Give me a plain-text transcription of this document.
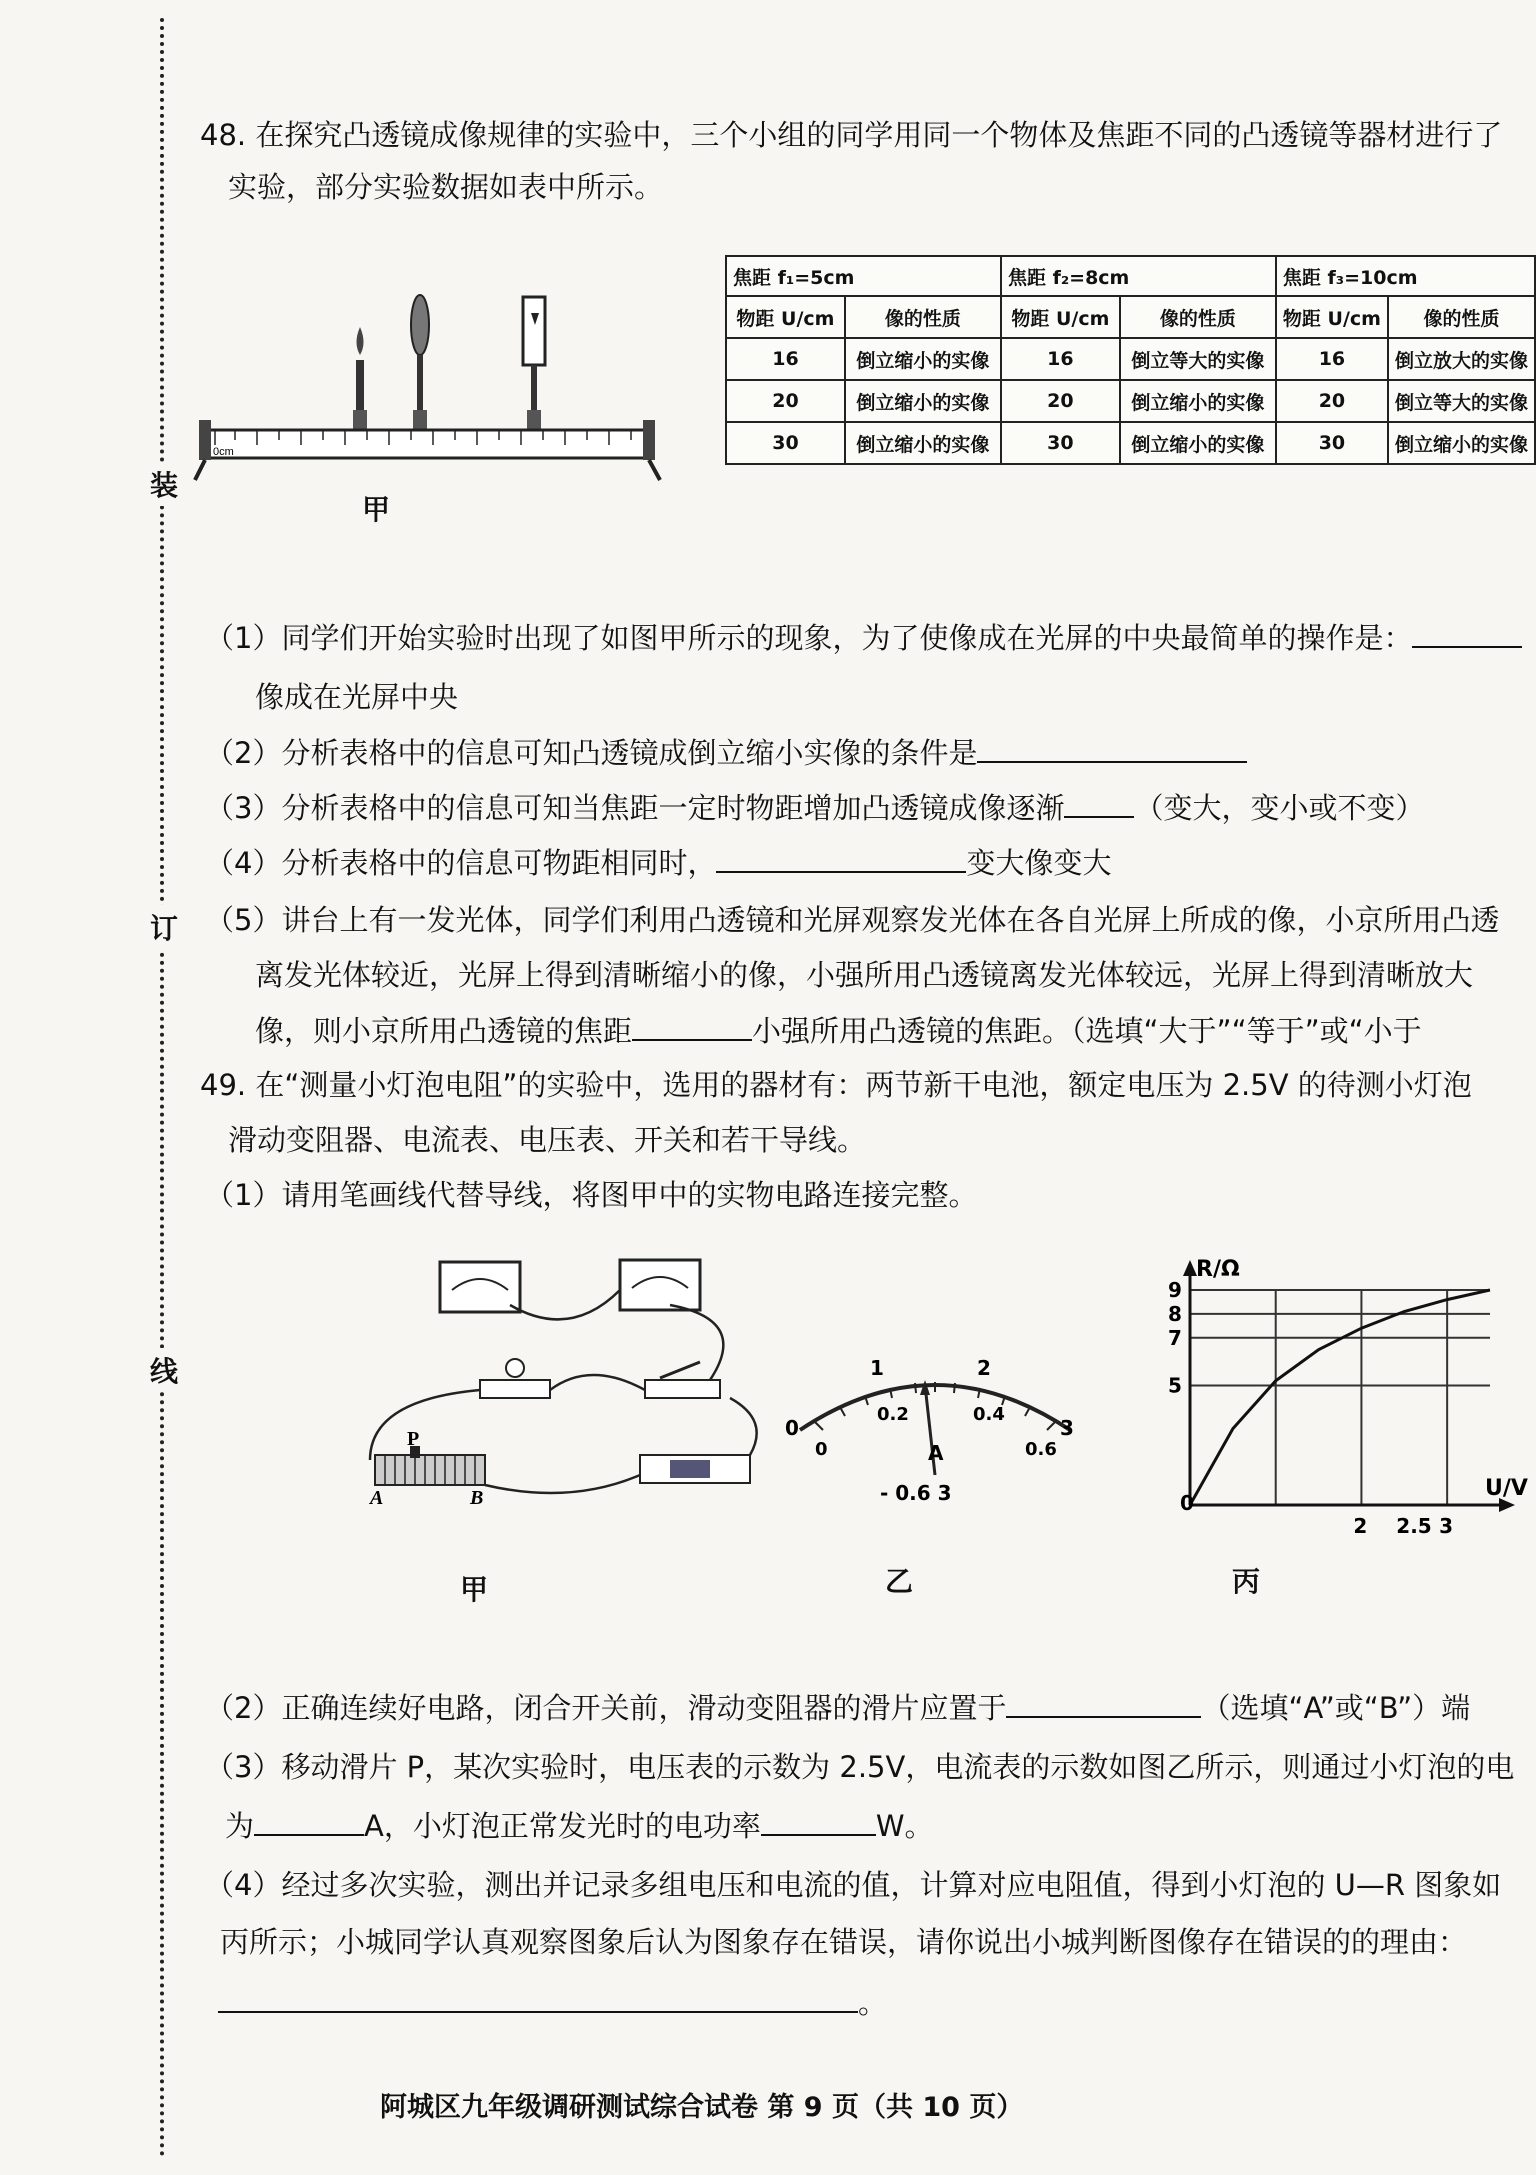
装
订
线
48. 在探究凸透镜成像规律的实验中，三个小组的同学用同一个物体及焦距不同的凸透镜等器材进行了
实验，部分实验数据如表中所示。
0cm
甲
焦距 f₁=5cm		焦距 f₂=8cm		焦距 f₃=10cm	
物距 U/cm	像的性质	物距 U/cm	像的性质	物距 U/cm	像的性质
16	倒立缩小的实像	16	倒立等大的实像	16	倒立放大的实像
20	倒立缩小的实像	20	倒立缩小的实像	20	倒立等大的实像
30	倒立缩小的实像	30	倒立缩小的实像	30	倒立缩小的实像
（1）同学们开始实验时出现了如图甲所示的现象，为了使像成在光屏的中央最简单的操作是：
像成在光屏中央
（2）分析表格中的信息可知凸透镜成倒立缩小实像的条件是
（3）分析表格中的信息可知当焦距一定时物距增加凸透镜成像逐渐 （变大，变小或不变）
（4）分析表格中的信息可物距相同时，	变大像变大
（5）讲台上有一发光体，同学们利用凸透镜和光屏观察发光体在各自光屏上所成的像，小京所用凸透
离发光体较近，光屏上得到清晰缩小的像，小强所用凸透镜离发光体较远，光屏上得到清晰放大
像，则小京所用凸透镜的焦距	小强所用凸透镜的焦距。（选填“大于”“等于”或“小于
49. 在“测量小灯泡电阻”的实验中，选用的器材有：两节新干电池，额定电压为 2.5V 的待测小灯泡
滑动变阻器、电流表、电压表、开关和若干导线。
（1）请用笔画线代替导线，将图甲中的实物电路连接完整。
P
A	B
甲
0
1	2
3
0
0.2	0.4
0.6
A
- 0.6 3
乙
R/Ω
U/V
0
2 2.5 3
5
7
8
9
丙
（2）正确连续好电路，闭合开关前，滑动变阻器的滑片应置于	（选填“A”或“B”）端
（3）移动滑片 P，某次实验时，电压表的示数为 2.5V，电流表的示数如图乙所示，则通过小灯泡的电
为	A，小灯泡正常发光时的电功率	W。
（4）经过多次实验，测出并记录多组电压和电流的值，计算对应电阻值，得到小灯泡的 U—R 图象如
丙所示；小城同学认真观察图象后认为图象存在错误，请你说出小城判断图像存在错误的的理由：
。
阿城区九年级调研测试综合试卷 第 9 页（共 10 页）
